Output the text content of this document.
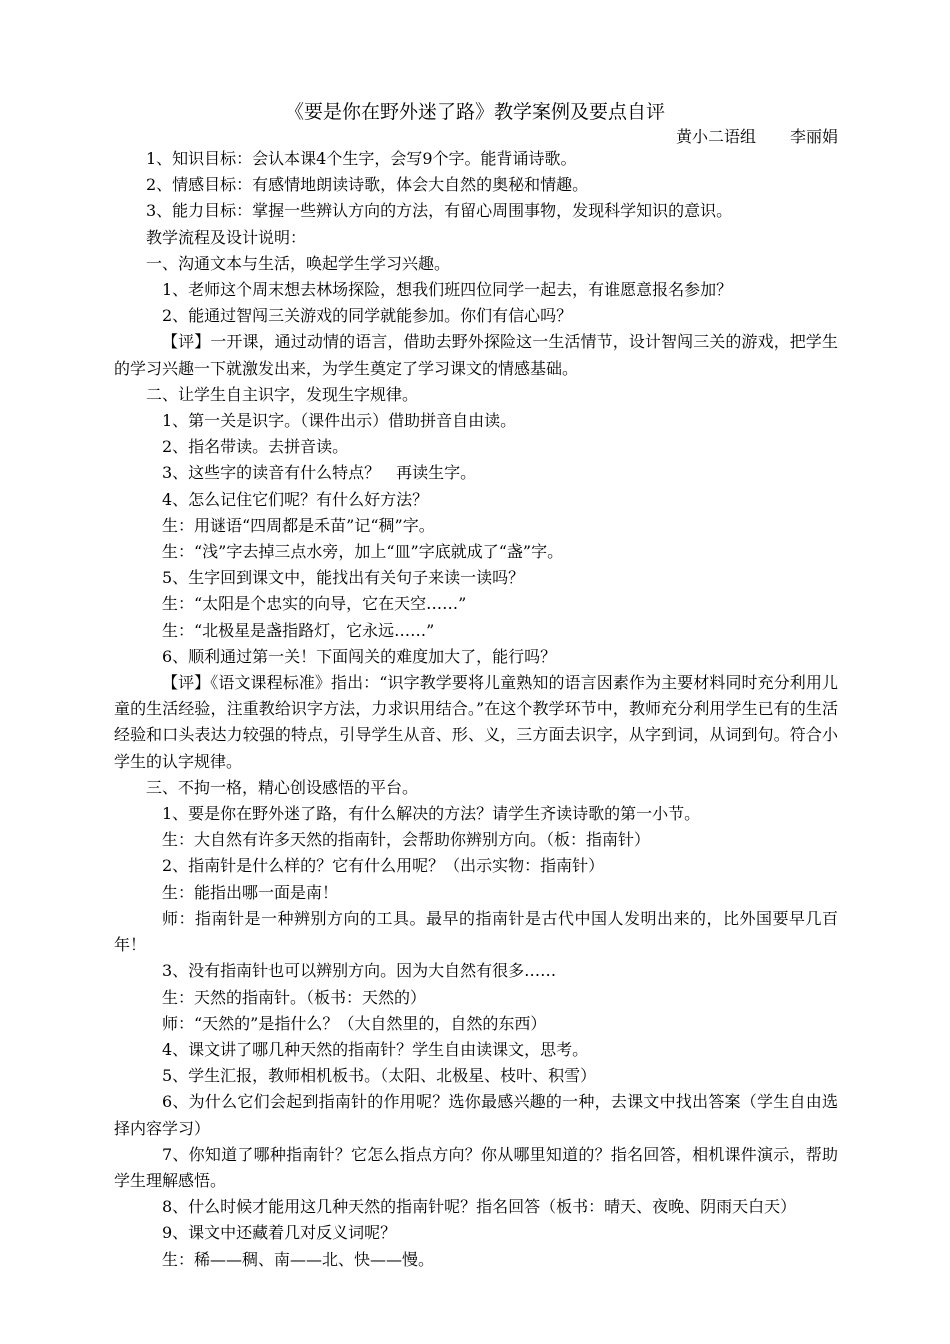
《要是你在野外迷了路》教学案例及要点自评
黄小二语组 李丽娟

1、知识目标：会认本课4个生字，会写9个字。能背诵诗歌。

2、情感目标：有感情地朗读诗歌，体会大自然的奥秘和情趣。

3、能力目标：掌握一些辨认方向的方法，有留心周围事物，发现科学知识的意识。

教学流程及设计说明：

一、沟通文本与生活，唤起学生学习兴趣。

1、老师这个周末想去林场探险，想我们班四位同学一起去，有谁愿意报名参加？

2、能通过智闯三关游戏的同学就能参加。你们有信心吗？

【评】一开课，通过动情的语言，借助去野外探险这一生活情节，设计智闯三关的游戏，把学生的学习兴趣一下就激发出来，为学生奠定了学习课文的情感基础。

二、让学生自主识字，发现生字规律。

1、第一关是识字。（课件出示）借助拼音自由读。

2、指名带读。去拼音读。

3、这些字的读音有什么特点？　再读生字。

4、怎么记住它们呢？有什么好方法？

生：用谜语“四周都是禾苗”记“稠”字。

生：“浅”字去掉三点水旁，加上“皿”字底就成了“盏”字。

5、生字回到课文中，能找出有关句子来读一读吗？

生：“太阳是个忠实的向导，它在天空……”

生：“北极星是盏指路灯，它永远……”

6、顺利通过第一关！下面闯关的难度加大了，能行吗？

【评】《语文课程标准》指出：“识字教学要将儿童熟知的语言因素作为主要材料同时充分利用儿童的生活经验，注重教给识字方法，力求识用结合。”在这个教学环节中，教师充分利用学生已有的生活经验和口头表达力较强的特点，引导学生从音、形、义，三方面去识字，从字到词，从词到句。符合小学生的认字规律。

三、不拘一格，精心创设感悟的平台。

1、要是你在野外迷了路，有什么解决的方法？请学生齐读诗歌的第一小节。

生：大自然有许多天然的指南针，会帮助你辨别方向。（板：指南针）

2、指南针是什么样的？它有什么用呢？（出示实物：指南针）

生：能指出哪一面是南！

师：指南针是一种辨别方向的工具。最早的指南针是古代中国人发明出来的，比外国要早几百年！

3、没有指南针也可以辨别方向。因为大自然有很多……

生：天然的指南针。（板书：天然的）

师：“天然的”是指什么？（大自然里的，自然的东西）

4、课文讲了哪几种天然的指南针？学生自由读课文，思考。

5、学生汇报，教师相机板书。（太阳、北极星、枝叶、积雪）

6、为什么它们会起到指南针的作用呢？选你最感兴趣的一种，去课文中找出答案（学生自由选择内容学习）

7、你知道了哪种指南针？它怎么指点方向？你从哪里知道的？指名回答，相机课件演示，帮助学生理解感悟。

8、什么时候才能用这几种天然的指南针呢？指名回答（板书：晴天、夜晚、阴雨天白天）

9、课文中还藏着几对反义词呢？

生：稀——稠、南——北、快——慢。
